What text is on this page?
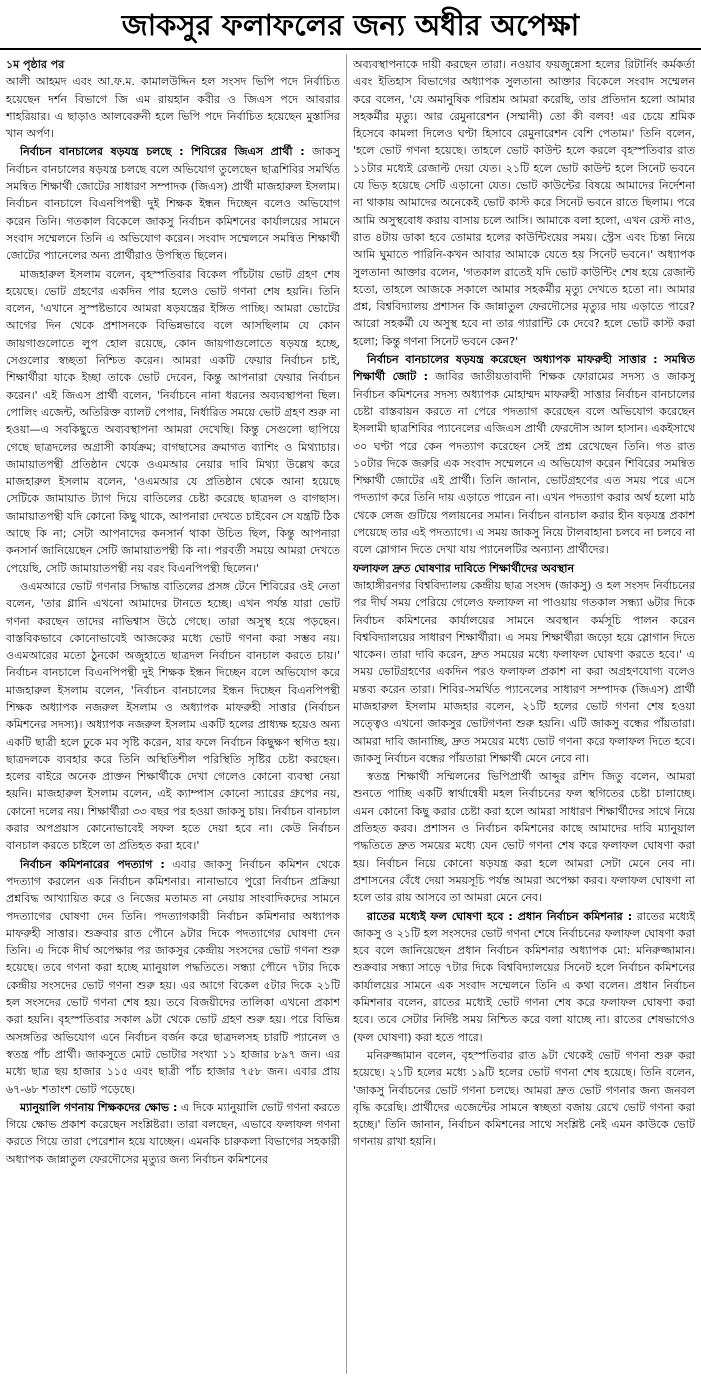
জাকসুর ফলাফলের জন্য অধীর অপেক্ষা

১ম পৃষ্ঠার পর
আলী আহমদ এবং আ.ফ.ম. কামালউদ্দিন হল সংসদ ভিপি পদে নির্বাচিত হয়েছেন দর্শন বিভাগে জি এম রায়হান কবীর ও জিএস পদে আবরার শাহরিয়ার। এ ছাড়াও আলবেরুনী হলে ভিপি পদে নির্বাচিত হয়েছেন মুস্তাসির খান অর্পণ।

নির্বাচন বানচালের ষড়যন্ত্র চলছে : শিবিরের জিএস প্রার্থী : জাকসু নির্বাচন বানচালের ষড়যন্ত্র চলছে বলে অভিযোগ তুলেছেন ছাত্রশিবির সমর্থিত সমন্বিত শিক্ষার্থী জোটের সাধারণ সম্পাদক (জিএস) প্রার্থী মাজহারুল ইসলাম। নির্বাচন বানচালে বিএনপিপন্থী দুই শিক্ষক ইন্ধন দিচ্ছেন বলেও অভিযোগ করেন তিনি। গতকাল বিকেলে জাকসু নির্বাচন কমিশনের কার্যালয়ের সামনে সংবাদ সম্মেলনে তিনি এ অভিযোগ করেন। সংবাদ সম্মেলনে সমন্বিত শিক্ষার্থী জোটের প্যানেলের অন্য প্রার্থীরাও উপস্থিত ছিলেন।

মাজহারুল ইসলাম বলেন, বৃহস্পতিবার বিকেল পাঁচটায় ভোট গ্রহণ শেষ হয়েছে। ভোট গ্রহণের একদিন পার হলেও ভোট গণনা শেষ হয়নি। তিনি বলেন, 'এখানে সুস্পষ্টভাবে আমরা ষড়যন্ত্রের ইঙ্গিত পাচ্ছি। আমরা ভোটের আগের দিন থেকে প্রশাসনকে বিভিন্নভাবে বলে আসছিলাম যে কোন জায়গাগুলোতে লুপ হোল রয়েছে, কোন জায়গাগুলোতে ষড়যন্ত্র হচ্ছে, সেগুলোর স্বচ্ছতা নিশ্চিত করেন। আমরা একটি ফেয়ার নির্বাচন চাই, শিক্ষার্থীরা যাকে ইচ্ছা তাকে ভোট দেবেন, কিন্তু আপনারা ফেয়ার নির্বাচন করেন।' এই জিএস প্রার্থী বলেন, 'নির্বাচনে নানা ধরনের অব্যবস্থাপনা ছিল। পোলিং এজেন্ট, অতিরিক্ত ব্যালট পেপার, নির্ধারিত সময়ে ভোট গ্রহণ শুরু না হওয়া—এ সবকিছুতে অব্যবস্থাপনা আমরা দেখেছি। কিন্তু সেগুলো ছাপিয়ে গেছে ছাত্রদলের অগ্রাসী কার্যক্রম; বাগছাসের ক্রমাগত ব্যাশিং ও মিথ্যাচার। জামায়াতপন্থী প্রতিষ্ঠান থেকে ওএমআর নেয়ার দাবি মিথ্যা উল্লেখ করে মাজহারুল ইসলাম বলেন, 'ওএমআর যে প্রতিষ্ঠান থেকে আনা হয়েছে সেটিকে জামায়াত ট্যাগ দিয়ে বাতিলের চেষ্টা করেছে ছাত্রদল ও বাগছাস। জামায়াতপন্থী যদি কোনো কিছু থাকে, আপনারা দেখতে চাইবেন সে যন্ত্রটি ঠিক আছে কি না; সেটা আপনাদের কনসার্ন থাকা উচিত ছিল, কিন্তু আপনারা কনসার্ন জানিয়েছেন সেটি জামায়াতপন্থী কি না। পরবর্তী সময়ে আমরা দেখতে পেয়েছি, সেটি জামায়াতপন্থী নয় বরং বিএনপিপন্থী ছিলেন।'

ওএমআরে ভোট গণনার সিদ্ধান্ত বাতিলের প্রসঙ্গ টেনে শিবিরের ওই নেতা বলেন, 'তার গ্লানি এখনো আমাদের টানতে হচ্ছে। এখন পর্যন্ত যারা ভোট গণনা করছেন তাদের নাভিশ্বাস উঠে গেছে। তারা অসুস্থ হয়ে পড়ছেন। বাস্তবিকভাবে কোনোভাবেই আজকের মধ্যে ভোট গণনা করা সম্ভব নয়। ওএমআরের মতো ঠুনকো অজুহাতে ছাত্রদল নির্বাচন বানচাল করতে চায়।' নির্বাচন বানচালে বিএনপিপন্থী দুই শিক্ষক ইন্ধন দিচ্ছেন বলে অভিযোগ করে মাজহারুল ইসলাম বলেন, 'নির্বাচন বানচালের ইন্ধন দিচ্ছেন বিএনপিপন্থী শিক্ষক অধ্যাপক নজরুল ইসলাম ও অধ্যাপক মাফরুহী সাত্তার (নির্বাচন কমিশনের সদস্য)। অধ্যাপক নজরুল ইসলাম একটি হলের প্রাধ্যক্ষ হয়েও অন্য একটি ছাত্রী হলে ঢুকে মব সৃষ্টি করেন, যার ফলে নির্বাচন কিছুক্ষণ স্থগিত হয়। ছাত্রদলকে ব্যবহার করে তিনি অস্থিতিশীল পরিস্থিতি সৃষ্টির চেষ্টা করছেন। হলের বাইরে অনেক প্রাক্তন শিক্ষার্থীকে দেখা গেলেও কোনো ব্যবস্থা নেয়া হয়নি। মাজহারুল ইসলাম বলেন, এই ক্যাম্পাস কোনো স্যারের গ্রুপের নয়, কোনো দলের নয়। শিক্ষার্থীরা ৩৩ বছর পর হওয়া জাকসু চায়। নির্বাচন বানচাল করার অপপ্রয়াস কোনোভাবেই সফল হতে দেয়া হবে না। কেউ নির্বাচন বানচাল করতে চাইলে তা প্রতিহত করা হবে।'

নির্বাচন কমিশনারের পদত্যাগ : এবার জাকসু নির্বাচন কমিশন থেকে পদত্যাগ করলেন এক নির্বাচন কমিশনার। নানাভাবে পুরো নির্বাচন প্রক্রিয়া প্রশ্নবিদ্ধ আখ্যায়িত করে ও নিজের মতামত না নেয়ায় সাংবাদিকদের সামনে পদত্যাগের ঘোষণা দেন তিনি। পদত্যাগকারী নির্বাচন কমিশনার অধ্যাপক মাফরুহী সাত্তার। শুক্রবার রাত পৌনে ৯টার দিকে পদত্যাগের ঘোষণা দেন তিনি। এ দিকে দীর্ঘ অপেক্ষার পর জাকসুর কেন্দ্রীয় সংসদের ভোট গণনা শুরু হয়েছে। তবে গণনা করা হচ্ছে ম্যানুয়াল পদ্ধতিতে। সন্ধ্যা পৌনে ৭টার দিকে কেন্দ্রীয় সংসদের ভোট গণনা শুরু হয়। এর আগে বিকেল ৫টার দিকে ২১টি হল সংসদের ভোট গণনা শেষ হয়। তবে বিজয়ীদের তালিকা এখনো প্রকাশ করা হয়নি। বৃহস্পতিবার সকাল ৯টা থেকে ভোট গ্রহণ শুরু হয়। পরে বিভিন্ন অসঙ্গতির অভিযোগ এনে নির্বাচন বর্জন করে ছাত্রদলসহ চারটি প্যানেল ও স্বতন্ত্র পাঁচ প্রার্থী। জাকসুতে মোট ভোটার সংখ্যা ১১ হাজার ৮৯৭ জন। এর মধ্যে ছাত্র ছয় হাজার ১১৫ এবং ছাত্রী পাঁচ হাজার ৭৫৮ জন। এবার প্রায় ৬৭-৬৮ শতাংশ ভোট পড়েছে।

ম্যানুয়ালি গণনায় শিক্ষকদের ক্ষোভ : এ দিকে ম্যানুয়ালি ভোট গণনা করতে গিয়ে ক্ষোভ প্রকাশ করেছেন সংশ্লিষ্টরা। তারা বলছেন, এভাবে ফলাফল গণনা করতে গিয়ে তারা পেরেশান হয়ে যাচ্ছেন। এমনকি চারুকলা বিভাগের সহকারী অধ্যাপক জান্নাতুল ফেরদৌসের মৃত্যুর জন্য নির্বাচন কমিশনের

অব্যবস্থাপনাকে দায়ী করছেন তারা। নওয়াব ফয়জুন্নেসা হলের রিটার্নিং কর্মকর্তা এবং ইতিহাস বিভাগের অধ্যাপক সুলতানা আক্তার বিকেলে সংবাদ সম্মেলন করে বলেন, 'যে অমানুষিক পরিশ্রম আমরা করেছি, তার প্রতিদান হলো আমার সহকর্মীর মৃত্যু। আর রেমুনারেশন (সম্মানী) তো কী বলব! এর চেয়ে শ্রমিক হিসেবে কামলা দিলেও ঘণ্টা হিসাবে রেমুনারেশন বেশি পেতাম।' তিনি বলেন, 'হলে ভোট গণনা হয়েছে। তাহলে ভোট কাউন্ট হলে করলে বৃহস্পতিবার রাত ১১টার মধ্যেই রেজাল্ট দেয়া যেত। ২১টি হলে ভোট কাউন্ট হলে সিনেট ভবনে যে ভিড় হয়েছে সেটি এড়ানো যেত। ভোট কাউন্টের বিষয়ে আমাদের নির্দেশনা না থাকায় আমাদের অনেকেই ভোট কাস্ট করে সিনেট ভবনে রাতে ছিলাম। পরে আমি অসুস্থবোধ করায় বাসায় চলে আসি। আমাকে বলা হলো, এখন রেস্ট নাও, রাত ৪টায় ডাকা হবে তোমার হলের কাউন্টিংয়ের সময়। স্ট্রেস এবং চিন্তা নিয়ে আমি ঘুমাতে পারিনি-কখন আবার আমাকে যেতে হয় সিনেট ভবনে।' অধ্যাপক সুলতানা আক্তার বলেন, 'গতকাল রাতেই যদি ভোট কাউন্টিং শেষ হয়ে রেজাল্ট হতো, তাহলে আজকে সকালে আমার সহকর্মীর মৃত্যু দেখতে হতো না। আমার প্রশ্ন, বিশ্ববিদ্যালয় প্রশাসন কি জান্নাতুল ফেরদৌসের মৃত্যুর দায় এড়াতে পারে? আরো সহকর্মী যে অসুস্থ হবে না তার গ্যারান্টি কে দেবে? হলে ভোট কাস্ট করা হলো; কিন্তু গণনা সিনেট ভবনে কেন?'

নির্বাচন বানচালের ষড়যন্ত্র করেছেন অধ্যাপক মাফরুহী সাত্তার : সমন্বিত শিক্ষার্থী জোট : জাবির জাতীয়তাবাদী শিক্ষক ফোরামের সদস্য ও জাকসু নির্বাচন কমিশনের সদস্য অধ্যাপক মোহাম্মদ মাফরুহী সাত্তার নির্বাচন বানচালের চেষ্টা বাস্তবায়ন করতে না পেরে পদত্যাগ করেছেন বলে অভিযোগ করেছেন ইসলামী ছাত্রশিবির প্যানেলের এজিএস প্রার্থী ফেরদৌস আল হাসান। একইসাথে ৩০ ঘণ্টা পরে কেন পদত্যাগ করেছেন সেই প্রশ্ন রেখেছেন তিনি। গত রাত ১০টার দিকে জরুরি এক সংবাদ সম্মেলনে এ অভিযোগ করেন শিবিরের সমন্বিত শিক্ষার্থী জোটের এই প্রার্থী। তিনি জানান, ভোটগ্রহণের এত সময় পরে এসে পদত্যাগ করে তিনি দায় এড়াতে পারেন না। এখন পদত্যাগ করার অর্থ হলো মাঠ থেকে লেজ গুটিয়ে পলায়নের সমান। নির্বাচন বানচাল করার হীন ষড়যন্ত্র প্রকাশ পেয়েছে তার এই পদত্যাগে। এ সময় জাকসু নিয়ে টালবাহানা চলবে না চলবে না বলে স্লোগান দিতে দেখা যায় প্যানেলটির অন্যান্য প্রার্থীদের।

ফলাফল দ্রুত ঘোষণার দাবিতে শিক্ষার্থীদের অবস্থান
জাহাঙ্গীরনগর বিশ্ববিদ্যালয় কেন্দ্রীয় ছাত্র সংসদ (জাকসু) ও হল সংসদ নির্বাচনের পর দীর্ঘ সময় পেরিয়ে গেলেও ফলাফল না পাওয়ায় গতকাল সন্ধ্যা ৬টার দিকে নির্বাচন কমিশনের কার্যালয়ের সামনে অবস্থান কর্মসূচি পালন করেন বিশ্ববিদ্যালয়ের সাধারণ শিক্ষার্থীরা। এ সময় শিক্ষার্থীরা জড়ো হয়ে স্লোগান দিতে থাকেন। তারা দাবি করেন, দ্রুত সময়ের মধ্যে ফলাফল ঘোষণা করতে হবে।' এ সময় ভোটগ্রহণের একদিন পরও ফলাফল প্রকাশ না করা অগ্রহণযোগ্য বলেও মন্তব্য করেন তারা। শিবির-সমর্থিত প্যানেলের সাধারণ সম্পাদক (জিএস) প্রার্থী মাজহারুল ইসলাম মাজহার বলেন, ২১টি হলের ভোট গণনা শেষ হওয়া সত্ত্বেও এখনো জাকসুর ভোটগণনা শুরু হয়নি। এটি জাকসু বন্ধের পাঁয়তারা। আমরা দাবি জানাচ্ছি, দ্রুত সময়ের মধ্যে ভোট গণনা করে ফলাফল দিতে হবে। জাকসু নির্বাচন বন্ধের পাঁয়তারা শিক্ষার্থী মেনে নেবে না।

স্বতন্ত্র শিক্ষার্থী সম্মিলনের ভিপিপ্রার্থী আব্দুর রশিদ জিতু বলেন, আমরা শুনতে পাচ্ছি একটি স্বার্থান্বেষী মহল নির্বাচনের ফল স্থগিতের চেষ্টা চালাচ্ছে। এমন কোনো কিছু করার চেষ্টা করা হলে আমরা সাধারণ শিক্ষার্থীদের সাথে নিয়ে প্রতিহত করব। প্রশাসন ও নির্বাচন কমিশনের কাছে আমাদের দাবি ম্যানুয়াল পদ্ধতিতে দ্রুত সময়ের মধ্যে যেন ভোট গণনা শেষ করে ফলাফল ঘোষণা করা হয়। নির্বাচন নিয়ে কোনো ষড়যন্ত্র করা হলে আমরা সেটা মেনে নেব না। প্রশাসনের বেঁধে দেয়া সময়সূচি পর্যন্ত আমরা অপেক্ষা করব। ফলাফল ঘোষণা না হলে তার রায় আসবে তা আমরা মেনে নেব।

রাতের মধ্যেই ফল ঘোষণা হবে : প্রধান নির্বাচন কমিশনার : রাতের মধ্যেই জাকসু ও ২১টি হল সংসদের ভোট গণনা শেষে নির্বাচনের ফলাফল ঘোষণা করা হবে বলে জানিয়েছেন প্রধান নির্বাচন কমিশনার অধ্যাপক মো: মনিরুজ্জামান। শুক্রবার সন্ধ্যা সাড়ে ৭টার দিকে বিশ্ববিদ্যালয়ের সিনেট হলে নির্বাচন কমিশনের কার্যালয়ের সামনে এক সংবাদ সম্মেলনে তিনি এ কথা বলেন। প্রধান নির্বাচন কমিশনার বলেন, রাতের মধ্যেই ভোট গণনা শেষ করে ফলাফল ঘোষণা করা হবে। তবে সেটার নির্দিষ্ট সময় নিশ্চিত করে বলা যাচ্ছে না। রাতের শেষভাগেও (ফল ঘোষণা) করা হতে পারে।

মনিরুজ্জামান বলেন, বৃহস্পতিবার রাত ৯টা থেকেই ভোট গণনা শুরু করা হয়েছে। ২১টি হলের মধ্যে ১৯টি হলের ভোট গণনা শেষ হয়েছে। তিনি বলেন, 'জাকসু নির্বাচনের ভোট গণনা চলছে। আমরা দ্রুত ভোট গণনার জন্য জনবল বৃদ্ধি করেছি। প্রার্থীদের এজেন্টের সামনে স্বচ্ছতা বজায় রেখে ভোট গণনা করা হচ্ছে।' তিনি জানান, নির্বাচন কমিশনের সাথে সংশ্লিষ্ট নেই এমন কাউকে ভোট গণনায় রাখা হয়নি।
